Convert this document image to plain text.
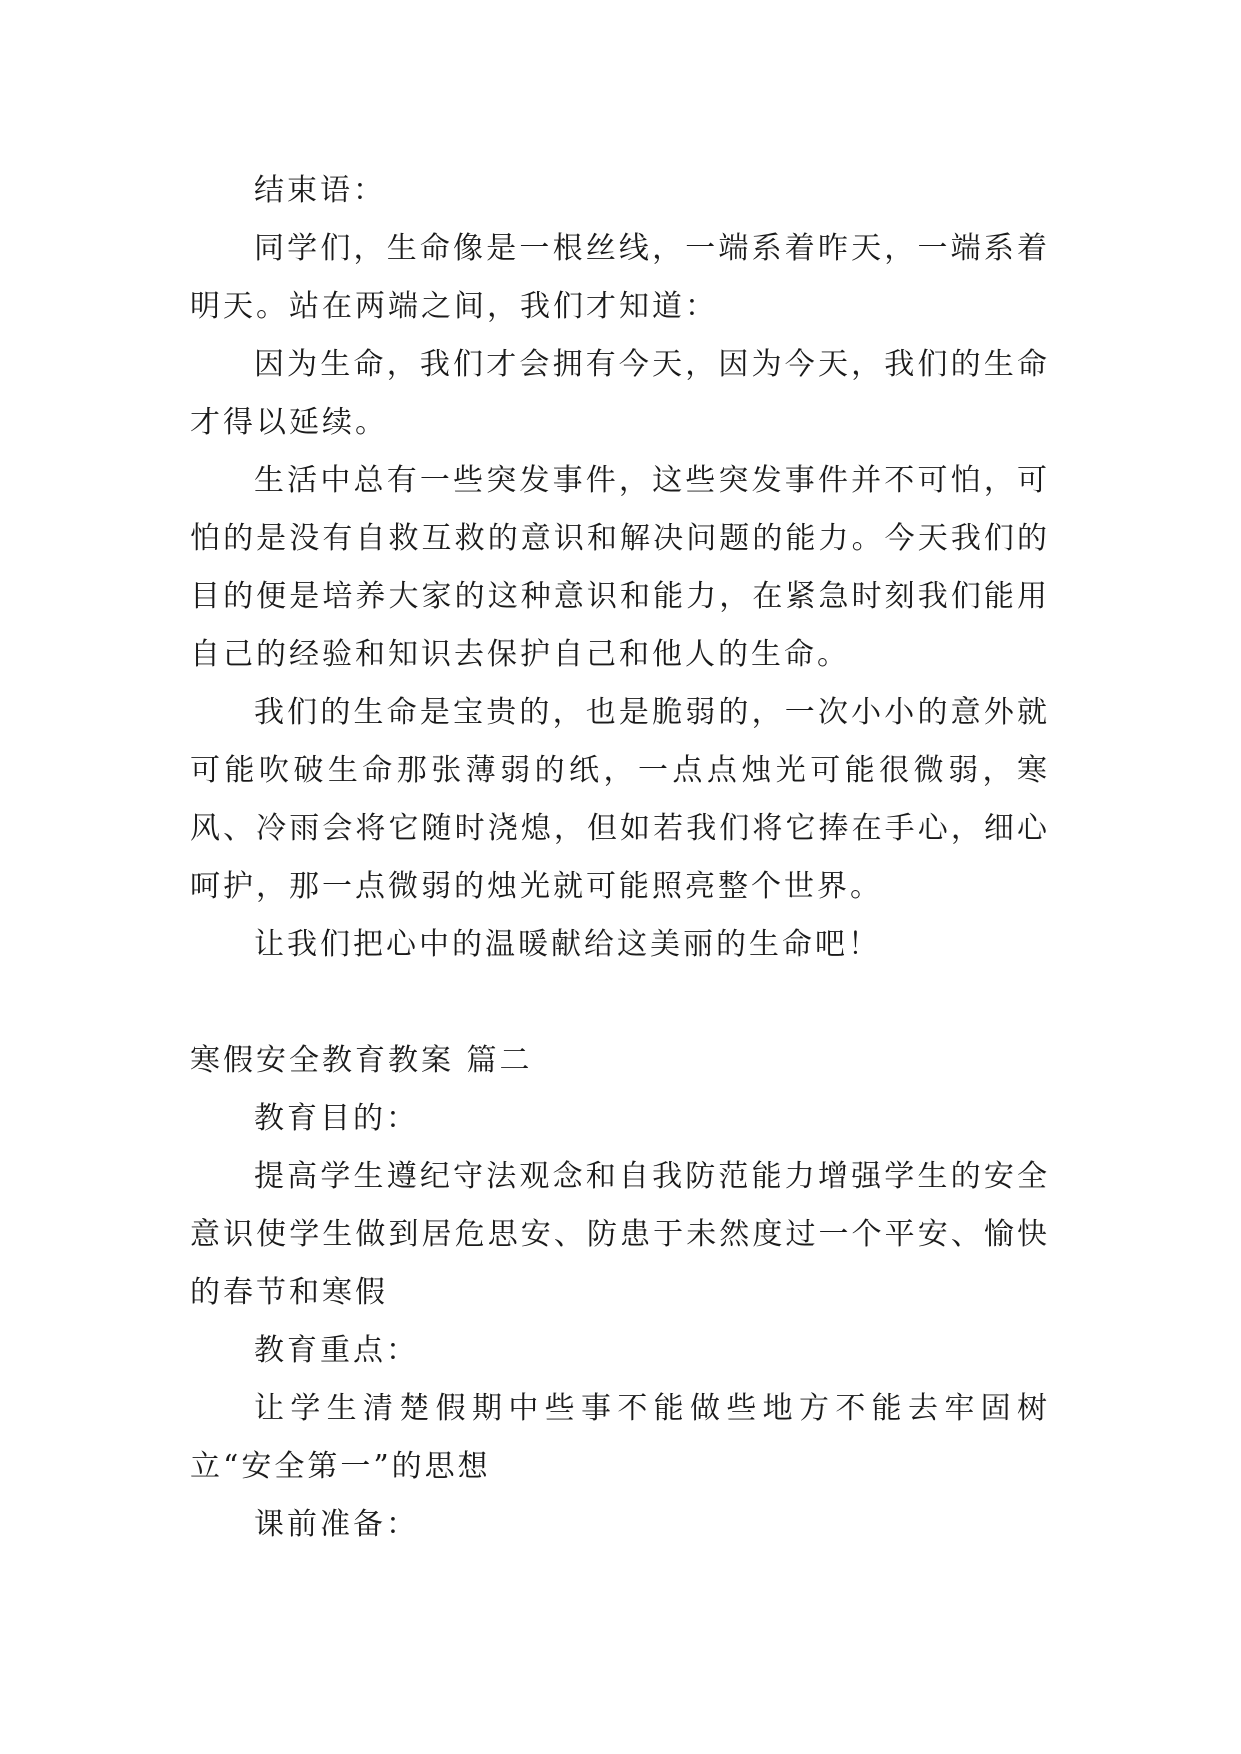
结束语：

同学们，生命像是一根丝线，一端系着昨天，一端系着明天。站在两端之间，我们才知道：

因为生命，我们才会拥有今天，因为今天，我们的生命才得以延续。

生活中总有一些突发事件，这些突发事件并不可怕，可怕的是没有自救互救的意识和解决问题的能力。今天我们的目的便是培养大家的这种意识和能力，在紧急时刻我们能用自己的经验和知识去保护自己和他人的生命。

我们的生命是宝贵的，也是脆弱的，一次小小的意外就可能吹破生命那张薄弱的纸，一点点烛光可能很微弱，寒风、冷雨会将它随时浇熄，但如若我们将它捧在手心，细心呵护，那一点微弱的烛光就可能照亮整个世界。

让我们把心中的温暖献给这美丽的生命吧！

寒假安全教育教案 篇二

教育目的：

提高学生遵纪守法观念和自我防范能力增强学生的安全意识使学生做到居危思安、防患于未然度过一个平安、愉快的春节和寒假

教育重点：

让学生清楚假期中些事不能做些地方不能去牢固树立“安全第一”的思想

课前准备：
